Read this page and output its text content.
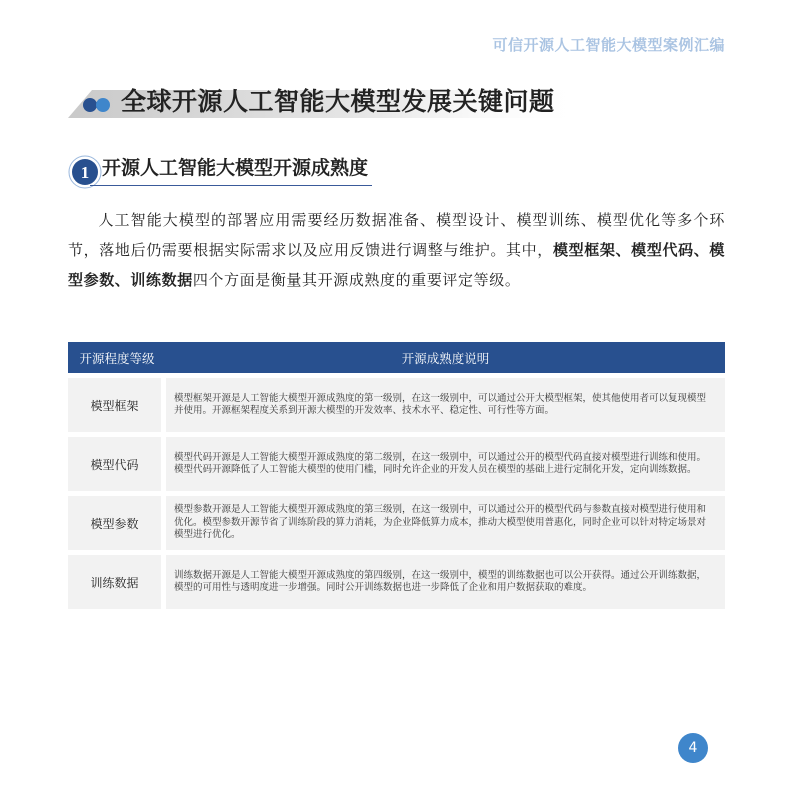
可信开源人工智能大模型案例汇编
全球开源人工智能大模型发展关键问题
1 开源人工智能大模型开源成熟度
人工智能大模型的部署应用需要经历数据准备、模型设计、模型训练、模型优化等多个环节，落地后仍需要根据实际需求以及应用反馈进行调整与维护。其中，模型框架、模型代码、模型参数、训练数据四个方面是衡量其开源成熟度的重要评定等级。
开源程度等级	开源成熟度说明
模型框架	模型框架开源是人工智能大模型开源成熟度的第一级别，在这一级别中，可以通过公开大模型框架，使其他使用者可以复现模型并使用。开源框架程度关系到开源大模型的开发效率、技术水平、稳定性、可行性等方面。
模型代码	模型代码开源是人工智能大模型开源成熟度的第二级别，在这一级别中，可以通过公开的模型代码直接对模型进行训练和使用。模型代码开源降低了人工智能大模型的使用门槛，同时允许企业的开发人员在模型的基础上进行定制化开发，定向训练数据。
模型参数	模型参数开源是人工智能大模型开源成熟度的第三级别，在这一级别中，可以通过公开的模型代码与参数直接对模型进行使用和优化。模型参数开源节省了训练阶段的算力消耗，为企业降低算力成本，推动大模型使用普惠化，同时企业可以针对特定场景对模型进行优化。
训练数据	训练数据开源是人工智能大模型开源成熟度的第四级别，在这一级别中，模型的训练数据也可以公开获得。通过公开训练数据，模型的可用性与透明度进一步增强。同时公开训练数据也进一步降低了企业和用户数据获取的难度。
4
